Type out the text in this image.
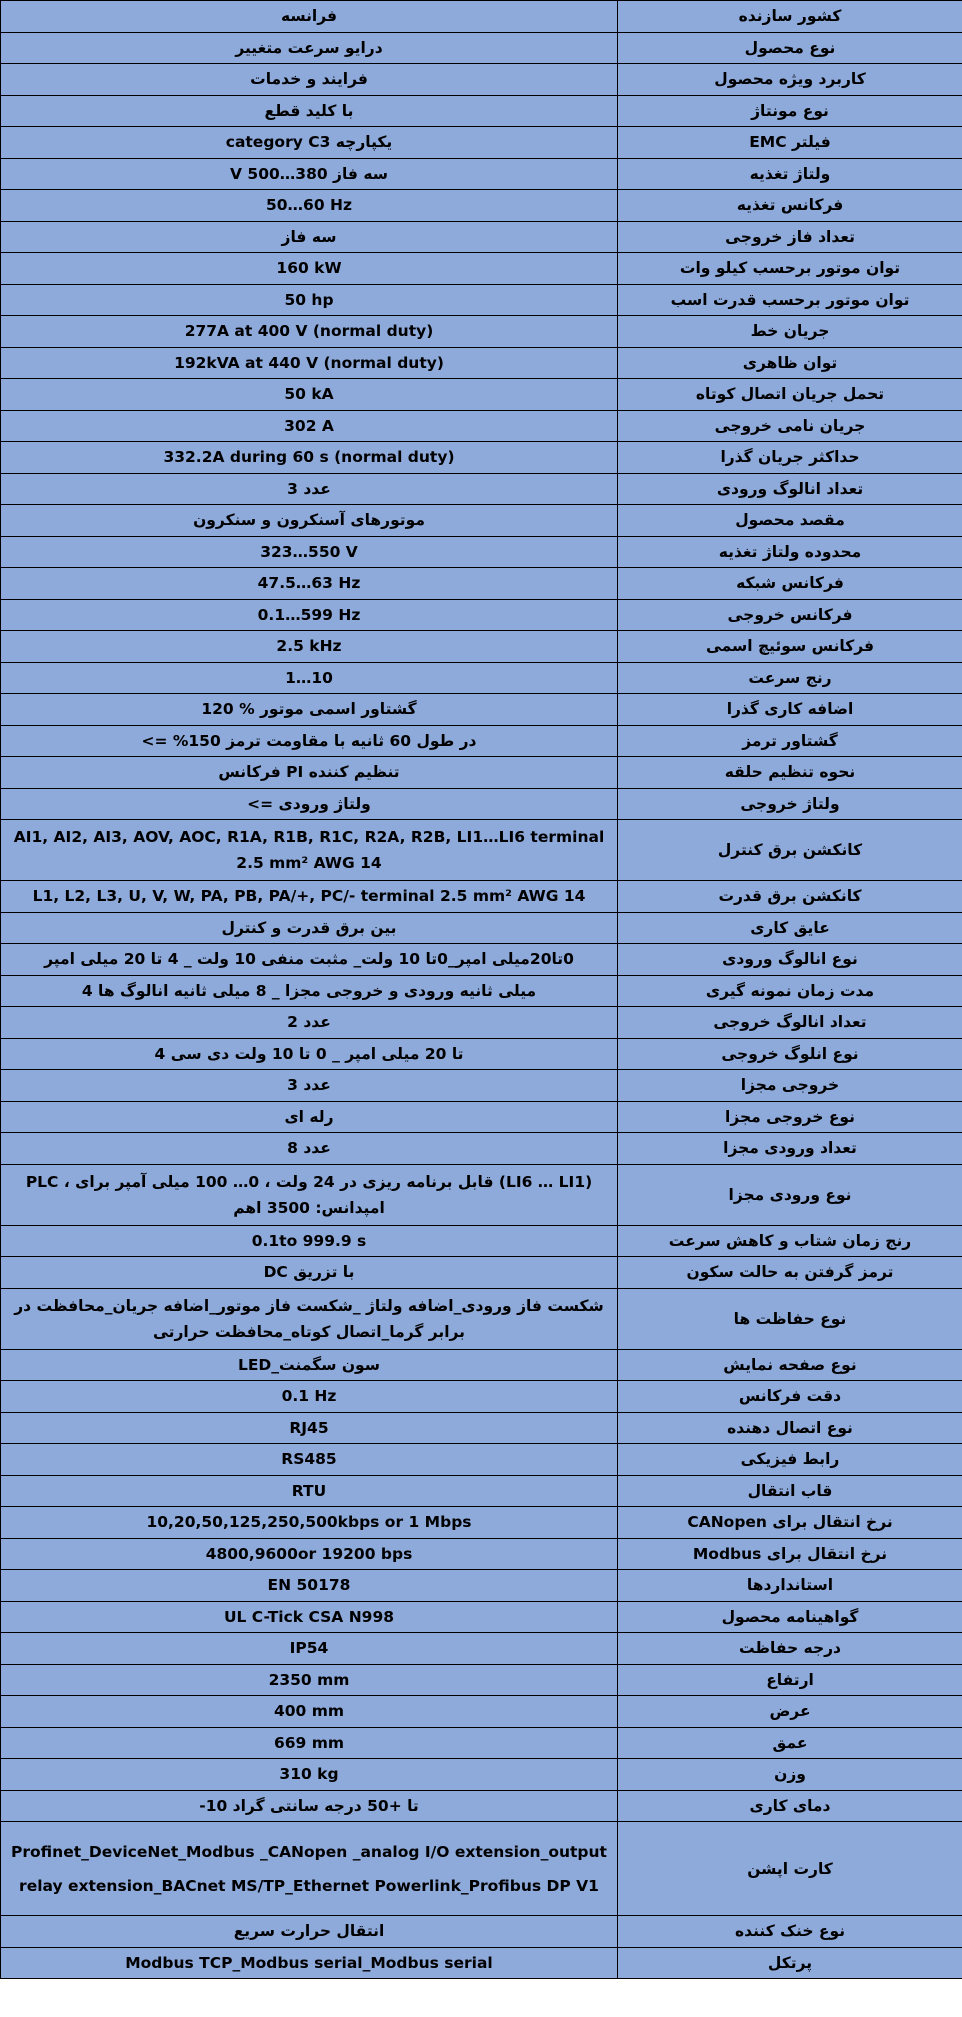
کشور سازنده	فرانسه
نوع محصول	درایو سرعت متغییر
کاربرد ویژه محصول	فرایند و خدمات
نوع مونتاژ	با کلید قطع
فیلتر EMC	یکپارچه category C3
ولتاژ تغذیه	سه فاز 380…500 V
فرکانس تغذیه	50…60 Hz
تعداد فاز خروجی	سه فاز
توان موتور برحسب کیلو وات	160 kW
توان موتور برحسب قدرت اسب	50 hp
جریان خط	277A at 400 V (normal duty)
توان ظاهری	192kVA at 440 V (normal duty)
تحمل جریان اتصال کوتاه	50 kA
جریان نامی خروجی	302 A
حداکثر جریان گذرا	332.2A during 60 s (normal duty)
تعداد انالوگ ورودی	عدد 3
مقصد محصول	موتورهای آسنکرون و سنکرون
محدوده ولتاژ تغذیه	323…550 V
فرکانس شبکه	47.5…63 Hz
فرکانس خروجی	0.1…599 Hz
فرکانس سوئیچ اسمی	2.5 kHz
رنج سرعت	1…10
اضافه کاری گذرا	گشتاور اسمی موتور % 120
گشتاور ترمز	در طول 60 ثانیه با مقاومت ترمز 150% =>
نحوه تنظیم حلقه	تنظیم کننده PI فرکانس
ولتاژ خروجی	ولتاژ ورودی =>
کانکشن برق کنترل	AI1, AI2, AI3, AOV, AOC, R1A, R1B, R1C, R2A, R2B, LI1…LI6 terminal 2.5 mm² AWG 14
کانکشن برق قدرت	L1, L2, L3, U, V, W, PA, PB, PA/+, PC/- terminal 2.5 mm² AWG 14
عایق کاری	بین برق قدرت و کنترل
نوع انالوگ ورودی	0تا20میلی امپر_0تا 10 ولت_ مثبت منفی 10 ولت _ 4 تا 20 میلی امپر
مدت زمان نمونه گیری	میلی ثانیه ورودی و خروجی مجزا _ 8 میلی ثانیه انالوگ ها 4
تعداد انالوگ خروجی	عدد 2
نوع انلوگ خروجی	تا 20 میلی امپر _ 0 تا 10 ولت دی سی 4
خروجی مجزا	عدد 3
نوع خروجی مجزا	رله ای
تعداد ورودی مجزا	عدد 8
نوع ورودی مجزا	PLC ، قابل برنامه ریزی در 24 ولت ، 0… 100 میلی آمپر برای (LI6 … LI1) امپدانس: 3500 اهم
رنج زمان شتاب و کاهش سرعت	0.1to 999.9 s
ترمز گرفتن به حالت سکون	با تزریق DC
نوع حفاظت ها	شکست فاز ورودی_اضافه ولتاژ _شکست فاز موتور_اضافه جریان_محافظت در برابر گرما_اتصال کوتاه_محافظت حرارتی
نوع صفحه نمایش	سون سگمنت_LED
دقت فرکانس	0.1 Hz
نوع اتصال دهنده	RJ45
رابط فیزیکی	RS485
قاب انتقال	RTU
نرخ انتقال برای CANopen	10,20,50,125,250,500kbps or 1 Mbps
نرخ انتقال برای Modbus	4800,9600or 19200 bps
استانداردها	EN 50178
گواهینامه محصول	UL C-Tick CSA N998
درجه حفاظت	IP54
ارتفاع	2350 mm
عرض	400 mm
عمق	669 mm
وزن	310 kg
دمای کاری	تا +50 درجه سانتی گراد 10-
کارت اپشن	Profinet_DeviceNet_Modbus _CANopen _analog I/O extension_output relay extension_BACnet MS/TP_Ethernet Powerlink_Profibus DP V1
نوع خنک کننده	انتقال حرارت سریع
پرتکل	Modbus TCP_Modbus serial_Modbus serial
